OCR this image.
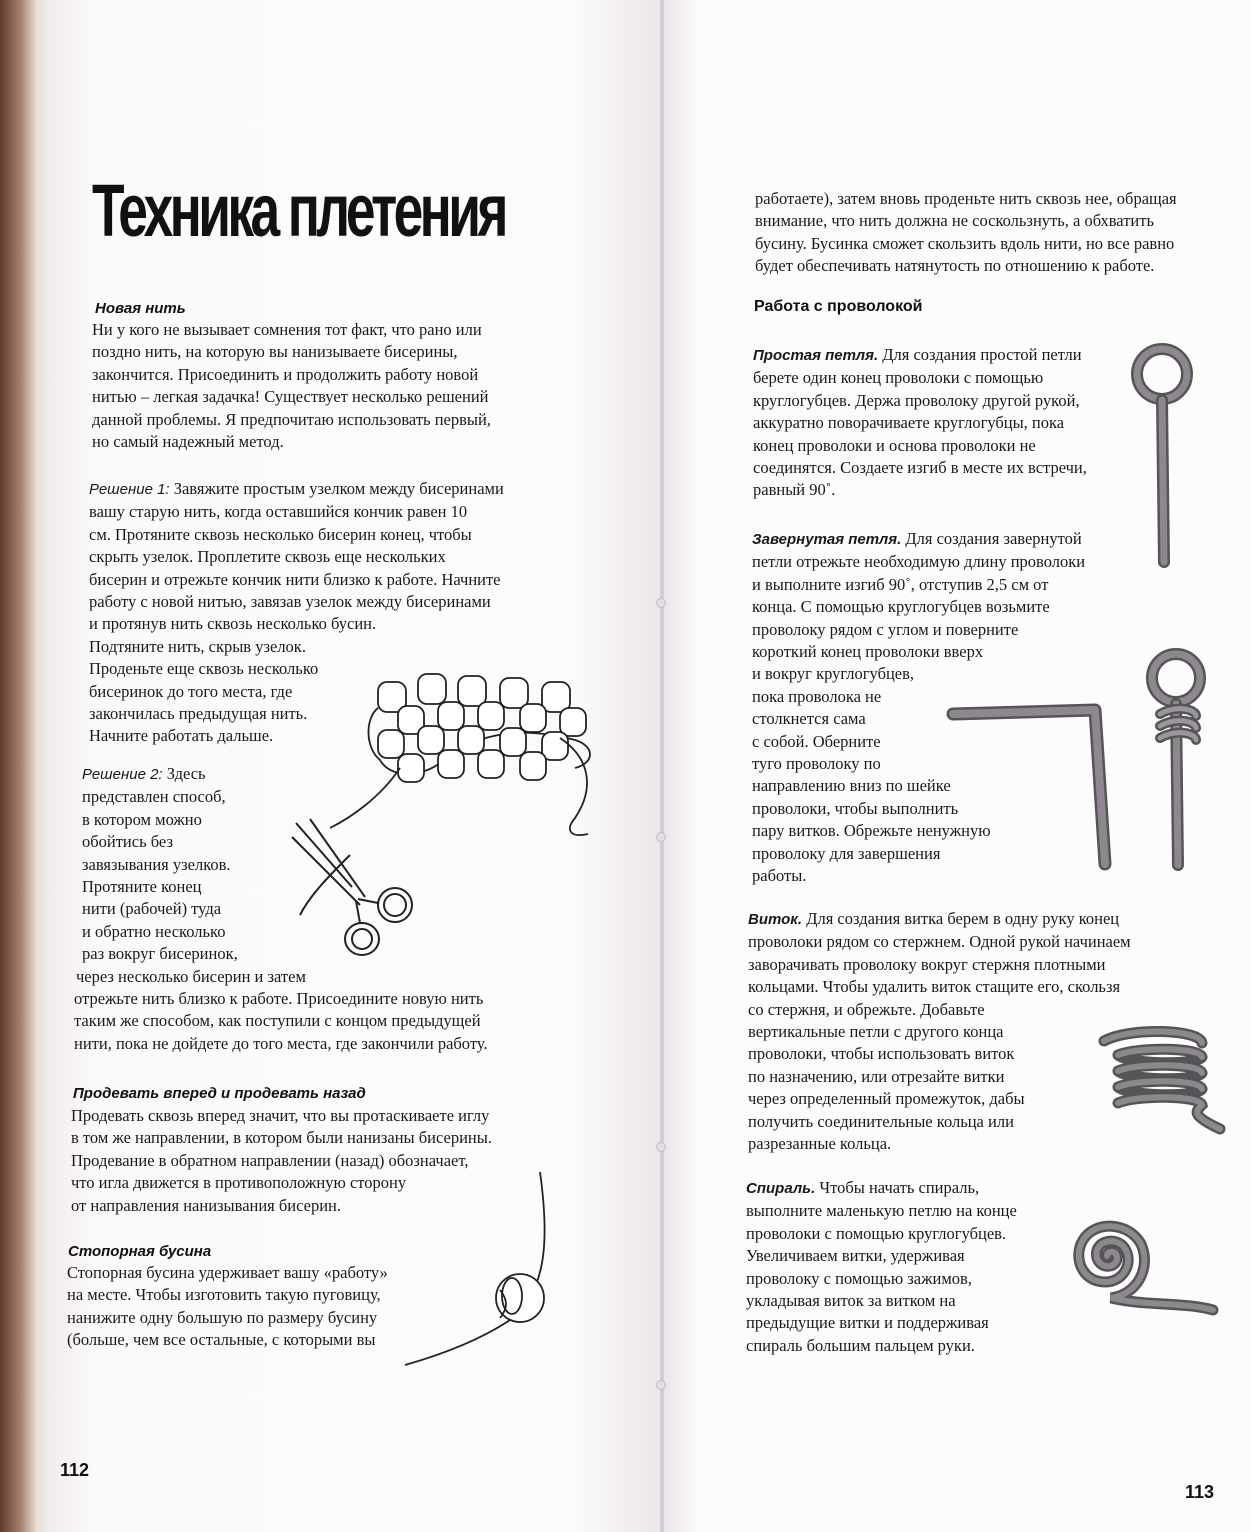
Техника плетения

Новая нить

Ни у кого не вызывает сомнения тот факт, что рано или
поздно нить, на которую вы нанизываете бисерины,
закончится. Присоединить и продолжить работу новой
нитью – легкая задачка! Существует несколько решений
данной проблемы. Я предпочитаю использовать первый,
но самый надежный метод.
Решение 1: Завяжите простым узелком между бисеринами
вашу старую нить, когда оставшийся кончик равен 10
см. Протяните сквозь несколько бисерин конец, чтобы
скрыть узелок. Проплетите сквозь еще нескольких
бисерин и отрежьте кончик нити близко к работе. Начните
работу с новой нитью, завязав узелок между бисеринами
и протянув нить сквозь несколько бусин.
Подтяните нить, скрыв узелок.
Проденьте еще сквозь несколько
бисеринок до того места, где
закончилась предыдущая нить.
Начните работать дальше.
Решение 2: Здесь
представлен способ,
в котором можно
обойтись без
завязывания узелков.
Протяните конец
нити (рабочей) туда
и обратно несколько
раз вокруг бисеринок,
через несколько бисерин и затем
отрежьте нить близко к работе. Присоедините новую нить
таким же способом, как поступили с концом предыдущей
нити, пока не дойдете до того места, где закончили работу.

Продевать вперед и продевать назад

Продевать сквозь вперед значит, что вы протаскиваете иглу
в том же направлении, в котором были нанизаны бисерины.
Продевание в обратном направлении (назад) обозначает,
что игла движется в противоположную сторону
от направления нанизывания бисерин.

Стопорная бусина

Стопорная бусина удерживает вашу «работу»
на месте. Чтобы изготовить такую пуговицу,
нанижите одну большую по размеру бусину
(больше, чем все остальные, с которыми вы

112

работаете), затем вновь проденьте нить сквозь нее, обращая
внимание, что нить должна не соскользнуть, а обхватить
бусину. Бусинка сможет скользить вдоль нити, но все равно
будет обеспечивать натянутость по отношению к работе.

Работа с проволокой

Простая петля. Для создания простой петли
берете один конец проволоки с помощью
круглогубцев. Держа проволоку другой рукой,
аккуратно поворачиваете круглогубцы, пока
конец проволоки и основа проволоки не
соединятся. Создаете изгиб в месте их встречи,
равный 90˚.
Завернутая петля. Для создания завернутой
петли отрежьте необходимую длину проволоки
и выполните изгиб 90˚, отступив 2,5 см от
конца. С помощью круглогубцев возьмите
проволоку рядом с углом и поверните
короткий конец проволоки вверх
и вокруг круглогубцев,
пока проволока не
столкнется сама
с собой. Оберните
туго проволоку по
направлению вниз по шейке
проволоки, чтобы выполнить
пару витков. Обрежьте ненужную
проволоку для завершения
работы.
Виток. Для создания витка берем в одну руку конец
проволоки рядом со стержнем. Одной рукой начинаем
заворачивать проволоку вокруг стержня плотными
кольцами. Чтобы удалить виток стащите его, скользя
со стержня, и обрежьте. Добавьте
вертикальные петли с другого конца
проволоки, чтобы использовать виток
по назначению, или отрезайте витки
через определенный промежуток, дабы
получить соединительные кольца или
разрезанные кольца.
Спираль. Чтобы начать спираль,
выполните маленькую петлю на конце
проволоки с помощью круглогубцев.
Увеличиваем витки, удерживая
проволоку с помощью зажимов,
укладывая виток за витком на
предыдущие витки и поддерживая
спираль большим пальцем руки.

113
